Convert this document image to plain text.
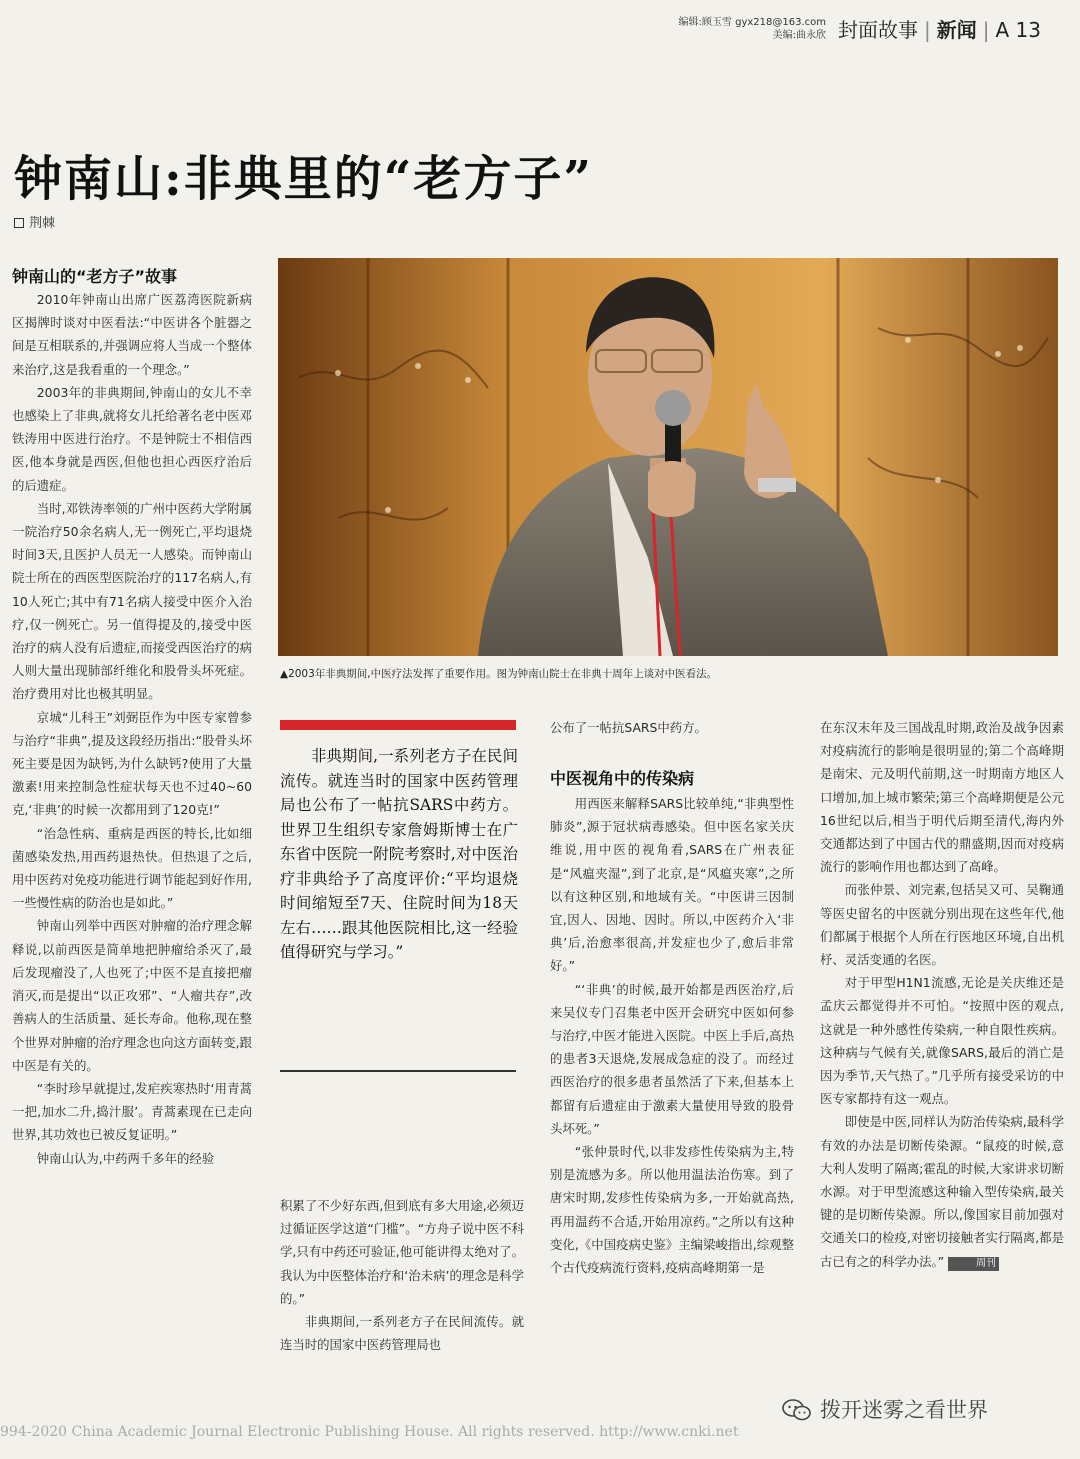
编辑:顾玉雪 gyx218@163.com
美编:曲永欣 封面故事 | 新闻 | A 13
钟南山:非典里的“老方子”
荆棘
钟南山的“老方子”故事

2010年钟南山出席广医荔湾医院新病区揭牌时谈对中医看法:“中医讲各个脏器之间是互相联系的,并强调应将人当成一个整体来治疗,这是我看重的一个理念。”

2003年的非典期间,钟南山的女儿不幸也感染上了非典,就将女儿托给著名老中医邓铁涛用中医进行治疗。不是钟院士不相信西医,他本身就是西医,但他也担心西医疗治后的后遗症。

当时,邓铁涛率领的广州中医药大学附属一院治疗50余名病人,无一例死亡,平均退烧时间3天,且医护人员无一人感染。而钟南山院士所在的西医型医院治疗的117名病人,有10人死亡;其中有71名病人接受中医介入治疗,仅一例死亡。另一值得提及的,接受中医治疗的病人没有后遗症,而接受西医治疗的病人则大量出现肺部纤维化和股骨头坏死症。治疗费用对比也极其明显。

京城“儿科王”刘弼臣作为中医专家曾参与治疗“非典”,提及这段经历指出:“股骨头坏死主要是因为缺钙,为什么缺钙?使用了大量激素!用来控制急性症状每天也不过40~60克,‘非典’的时候一次都用到了120克!”

“治急性病、重病是西医的特长,比如细菌感染发热,用西药退热快。但热退了之后,用中医药对免疫功能进行调节能起到好作用,一些慢性病的防治也是如此。”

钟南山列举中西医对肿瘤的治疗理念解释说,以前西医是简单地把肿瘤给杀灭了,最后发现瘤没了,人也死了;中医不是直接把瘤消灭,而是提出“以正攻邪”、“人瘤共存”,改善病人的生活质量、延长寿命。他称,现在整个世界对肿瘤的治疗理念也向这方面转变,跟中医是有关的。

“李时珍早就提过,发疟疾寒热时‘用青蒿一把,加水二升,捣汁服’。青蒿素现在已走向世界,其功效也已被反复证明。”

钟南山认为,中药两千多年的经验

▲2003年非典期间,中医疗法发挥了重要作用。图为钟南山院士在非典十周年上谈对中医看法。
非典期间,一系列老方子在民间流传。就连当时的国家中医药管理局也公布了一帖抗SARS中药方。世界卫生组织专家詹姆斯博士在广东省中医院一附院考察时,对中医治疗非典给予了高度评价:“平均退烧时间缩短至7天、住院时间为18天左右……跟其他医院相比,这一经验值得研究与学习。”

积累了不少好东西,但到底有多大用途,必须迈过循证医学这道“门槛”。“方舟子说中医不科学,只有中药还可验证,他可能讲得太绝对了。我认为中医整体治疗和‘治未病’的理念是科学的。”

非典期间,一系列老方子在民间流传。就连当时的国家中医药管理局也

公布了一帖抗SARS中药方。

中医视角中的传染病

用西医来解释SARS比较单纯,“非典型性肺炎”,源于冠状病毒感染。但中医名家关庆维说,用中医的视角看,SARS在广州表征是“风瘟夹湿”,到了北京,是“风瘟夹寒”,之所以有这种区别,和地域有关。“中医讲三因制宜,因人、因地、因时。所以,中医药介入‘非典’后,治愈率很高,并发症也少了,愈后非常好。”

“‘非典’的时候,最开始都是西医治疗,后来吴仪专门召集老中医开会研究中医如何参与治疗,中医才能进入医院。中医上手后,高热的患者3天退烧,发展成急症的没了。而经过西医治疗的很多患者虽然活了下来,但基本上都留有后遗症由于激素大量使用导致的股骨头坏死。”

“张仲景时代,以非发疹性传染病为主,特别是流感为多。所以他用温法治伤寒。到了唐宋时期,发疹性传染病为多,一开始就高热,再用温药不合适,开始用凉药。”之所以有这种变化,《中国疫病史鉴》主编梁峻指出,综观整个古代疫病流行资料,疫病高峰期第一是

在东汉末年及三国战乱时期,政治及战争因素对疫病流行的影响是很明显的;第二个高峰期是南宋、元及明代前期,这一时期南方地区人口增加,加上城市繁荣;第三个高峰期便是公元16世纪以后,相当于明代后期至清代,海内外交通都达到了中国古代的鼎盛期,因而对疫病流行的影响作用也都达到了高峰。

而张仲景、刘完素,包括吴又可、吴鞠通等医史留名的中医就分别出现在这些年代,他们都属于根据个人所在行医地区环境,自出机杼、灵活变通的名医。

对于甲型H1N1流感,无论是关庆维还是孟庆云都觉得并不可怕。“按照中医的观点,这就是一种外感性传染病,一种自限性疾病。这种病与气候有关,就像SARS,最后的消亡是因为季节,天气热了。”几乎所有接受采访的中医专家都持有这一观点。

即使是中医,同样认为防治传染病,最科学有效的办法是切断传染源。“鼠疫的时候,意大利人发明了隔离;霍乱的时候,大家讲求切断水源。对于甲型流感这种输入型传染病,最关键的是切断传染源。所以,像国家目前加强对交通关口的检疫,对密切接触者实行隔离,都是古已有之的科学办法。”	周刊

994-2020 China Academic Journal Electronic Publishing House. All rights reserved. http://www.cnki.net
拨开迷雾之看世界
